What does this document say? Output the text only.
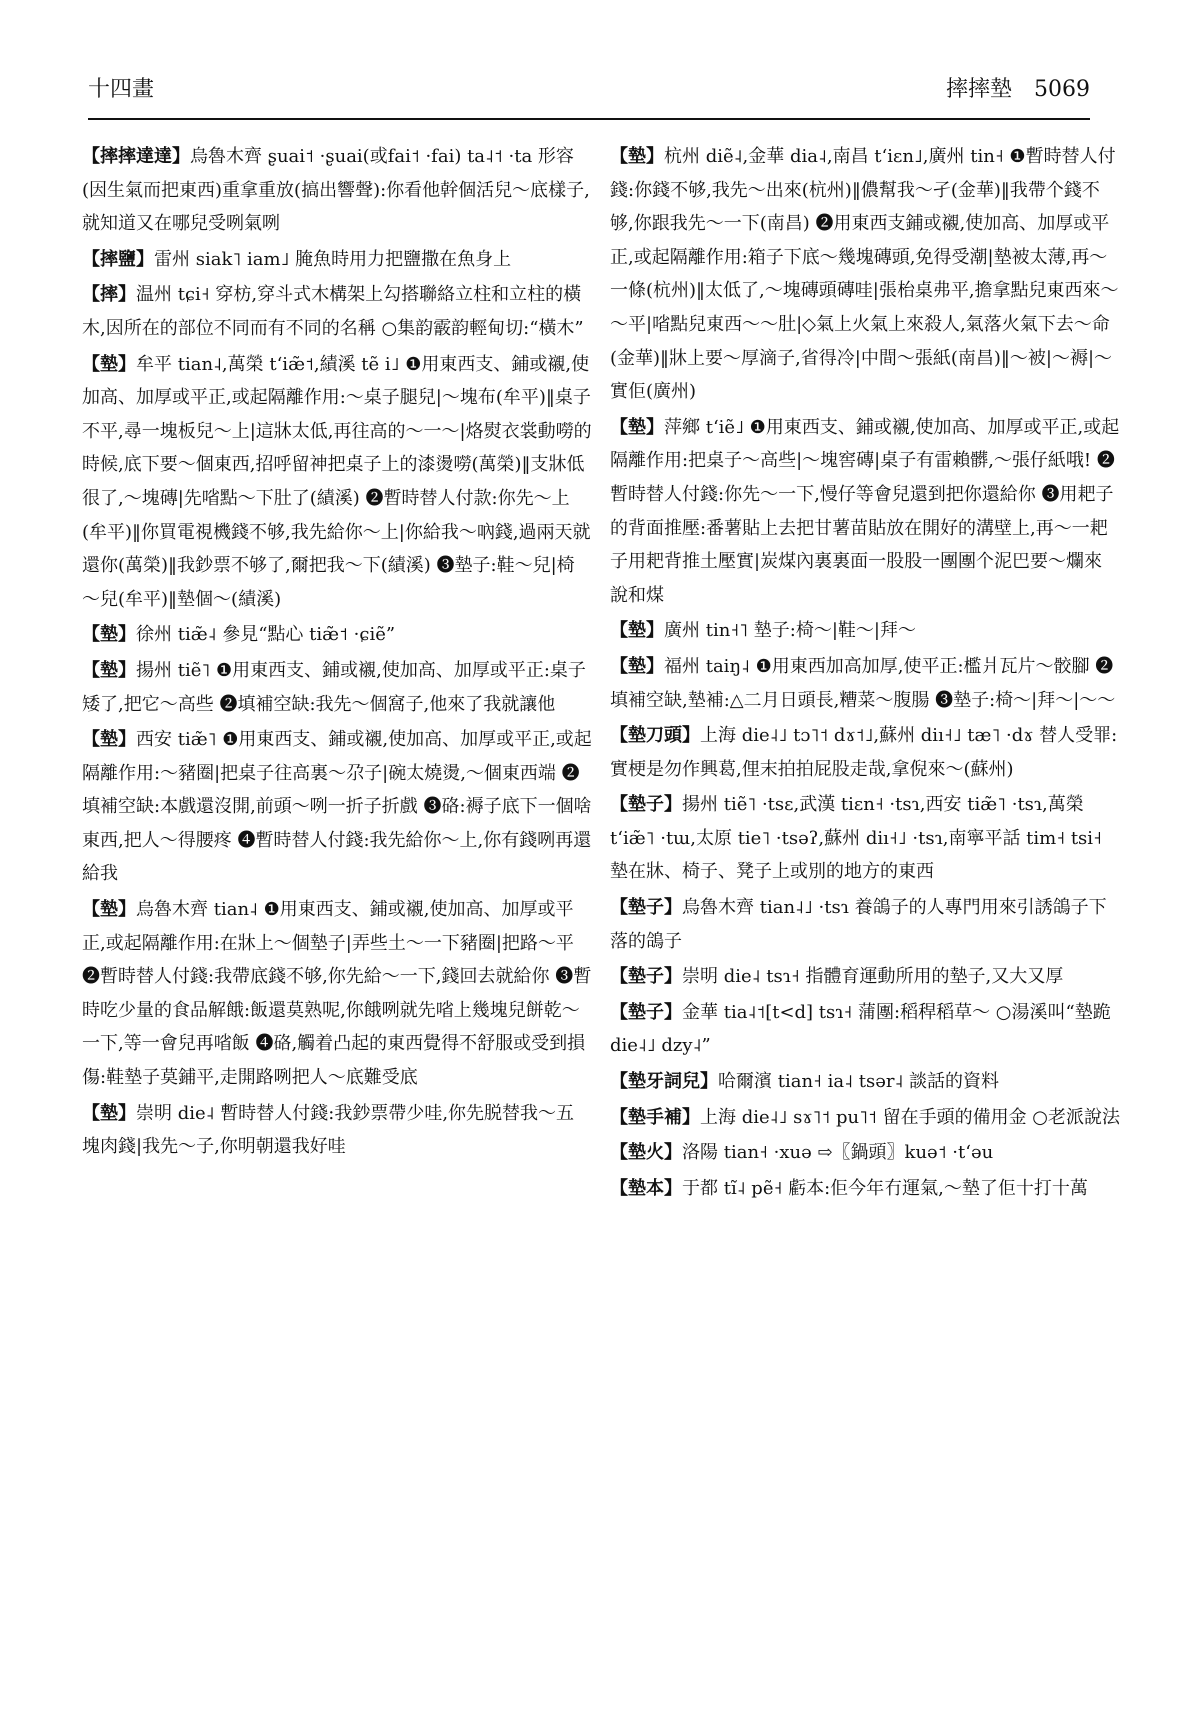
十四畫	摔摔墊　5069

【摔摔達達】烏魯木齊 ʂuai˦ ·ʂuai(或fai˦ ·fai) ta˨˦ ·ta 形容(因生氣而把東西)重拿重放(搞出響聲):你看他幹個活兒～底樣子,就知道又在哪兒受咧氣咧

【摔鹽】雷州 siak˥ iam˩ 腌魚時用力把鹽撒在魚身上

【摔】温州 tɕi˧ 穿枋,穿斗式木構架上勾搭聯絡立柱和立柱的橫木,因所在的部位不同而有不同的名稱 ○集韵霰韵輕甸切:“橫木”

【墊】牟平 tian˨,萬榮 tʻiæ̃˦,績溪 tẽ i˩ ❶用東西支、鋪或襯,使加高、加厚或平正,或起隔離作用:～桌子腿兒|～塊布(牟平)‖桌子不平,尋一塊板兒～上|這牀太低,再往高的～一～|烙熨衣裳動嘮的時候,底下要～個東西,招呼留神把桌子上的漆燙嘮(萬榮)‖支牀低很了,～塊磚|先㗂點～下肚了(績溪) ❷暫時替人付款:你先～上(牟平)‖你買電視機錢不够,我先給你～上|你給我～吶錢,過兩天就還你(萬榮)‖我鈔票不够了,爾把我～下(績溪) ❸墊子:鞋～兒|椅～兒(牟平)‖墊個～(績溪)

【墊】徐州 tiæ̃˨ 參見“點心 tiæ̃˦ ·ɕiẽ”

【墊】揚州 tiẽ˥ ❶用東西支、鋪或襯,使加高、加厚或平正:桌子矮了,把它～高些 ❷填補空缺:我先～個窩子,他來了我就讓他

【墊】西安 tiæ̃˥ ❶用東西支、鋪或襯,使加高、加厚或平正,或起隔離作用:～豬圈|把桌子往高裏～尕子|碗太燒燙,～個東西端 ❷填補空缺:本戲還沒開,前頭～咧一折子折戲 ❸硌:褥子底下一個啥東西,把人～得腰疼 ❹暫時替人付錢:我先給你～上,你有錢咧再還給我

【墊】烏魯木齊 tian˨ ❶用東西支、鋪或襯,使加高、加厚或平正,或起隔離作用:在牀上～個墊子|弄些土～一下豬圈|把路～平 ❷暫時替人付錢:我帶底錢不够,你先給～一下,錢回去就給你 ❸暫時吃少量的食品解餓:飯還莫熟呢,你餓咧就先㗂上幾塊兒餅乾～一下,等一會兒再㗂飯 ❹硌,觸着凸起的東西覺得不舒服或受到損傷:鞋墊子莫鋪平,走開路咧把人～底難受底

【墊】崇明 die˨ 暫時替人付錢:我鈔票帶少哇,你先脱替我～五塊肉錢|我先～子,你明朝還我好哇

【墊】杭州 diẽ˨,金華 dia˨,南昌 tʻiɛn˩,廣州 tin˧ ❶暫時替人付錢:你錢不够,我先～出來(杭州)‖儂幫我～孑(金華)‖我帶个錢不够,你跟我先～一下(南昌) ❷用東西支鋪或襯,使加高、加厚或平正,或起隔離作用:箱子下底～幾塊磚頭,免得受潮|墊被太薄,再～一條(杭州)‖太低了,～塊磚頭磚哇|張枱桌弗平,擔拿點兒東西來～～平|㗂點兒東西～～肚|◇氣上火氣上來殺人,氣落火氣下去～命(金華)‖牀上要～厚滴子,省得冷|中間～張紙(南昌)‖～被|～褥|～實佢(廣州)

【墊】萍鄉 tʻiẽ˩ ❶用東西支、鋪或襯,使加高、加厚或平正,或起隔離作用:把桌子～高些|～塊窖磚|桌子有雷賴髒,～張仔紙哦! ❷暫時替人付錢:你先～一下,慢仔等會兒還到把你還給你 ❸用耙子的背面推壓:番薯貼上去把甘薯苗貼放在開好的溝壁上,再～一耙子用耙背推土壓實|炭煤內裏裏面一股股一團團个泥巴要～爛來說和煤

【墊】廣州 tin˧˥ 墊子:椅～|鞋～|拜～

【墊】福州 taiŋ˨ ❶用東西加高加厚,使平正:檻爿瓦片～骹腳 ❷填補空缺,墊補:△二月日頭長,糟菜～腹腸 ❸墊子:椅～|拜～|～～

【墊刀頭】上海 die˨˩ tɔ˥˦ dɤ˦˩,蘇州 diı˧˩ tæ˥ ·dɤ 替人受罪:實梗是勿作興葛,俚末拍拍屁股走哉,拿倪來～(蘇州)

【墊子】揚州 tiẽ˥ ·tsɛ,武漢 tiɛn˧ ·tsɿ,西安 tiæ̃˥ ·tsɿ,萬榮 tʻiæ̃˥ ·tɯ,太原 tie˥ ·tsəʔ,蘇州 diı˧˩ ·tsɿ,南寧平話 tim˧ tsi˧ 墊在牀、椅子、凳子上或別的地方的東西

【墊子】烏魯木齊 tian˨˩ ·tsɿ 養鴿子的人專門用來引誘鴿子下落的鴿子

【墊子】崇明 die˨ tsɿ˧ 指體育運動所用的墊子,又大又厚

【墊子】金華 tia˨˦[t<d] tsɿ˧ 蒲團:稻稈稻草～ ○湯溪叫“墊跪 die˨˩ dzy˨”

【墊牙詞兒】哈爾濱 tian˧ ia˨ tsər˨ 談話的資料

【墊手補】上海 die˨˩ sɤ˥˦ pu˥˦ 留在手頭的備用金 ○老派說法

【墊火】洛陽 tian˧ ·xuə ⇨〖鍋頭〗kuə˦ ·tʻəu

【墊本】于都 tĩ˨ pẽ˧ 虧本:佢今年冇運氣,～墊了佢十打十萬
